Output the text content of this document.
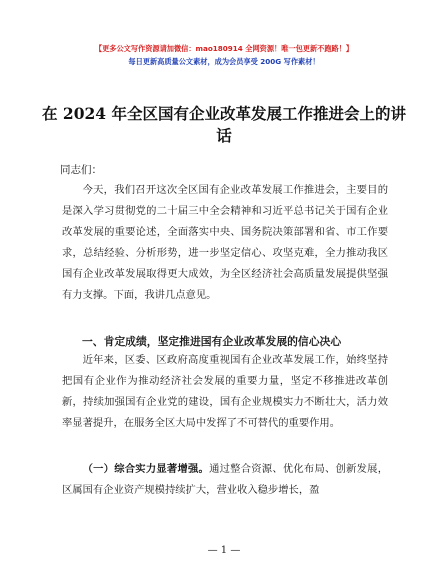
【更多公文写作资源请加微信：mao180914 全网资源！唯一包更新不跑路！】
每日更新高质量公文素材，成为会员享受 200G 写作素材！
在 2024 年全区国有企业改革发展工作推进会上的讲话
同志们：

今天，我们召开这次全区国有企业改革发展工作推进会，主要目的是深入学习贯彻党的二十届三中全会精神和习近平总书记关于国有企业改革发展的重要论述，全面落实中央、国务院决策部署和省、市工作要求，总结经验、分析形势，进一步坚定信心、攻坚克难，全力推动我区国有企业改革发展取得更大成效，为全区经济社会高质量发展提供坚强有力支撑。下面，我讲几点意见。

一、肯定成绩，坚定推进国有企业改革发展的信心决心

近年来，区委、区政府高度重视国有企业改革发展工作，始终坚持把国有企业作为推动经济社会发展的重要力量，坚定不移推进改革创新，持续加强国有企业党的建设，国有企业规模实力不断壮大，活力效率显著提升，在服务全区大局中发挥了不可替代的重要作用。

（一）综合实力显著增强。通过整合资源、优化布局、创新发展，区属国有企业资产规模持续扩大，营业收入稳步增长，盈

— 1 —
